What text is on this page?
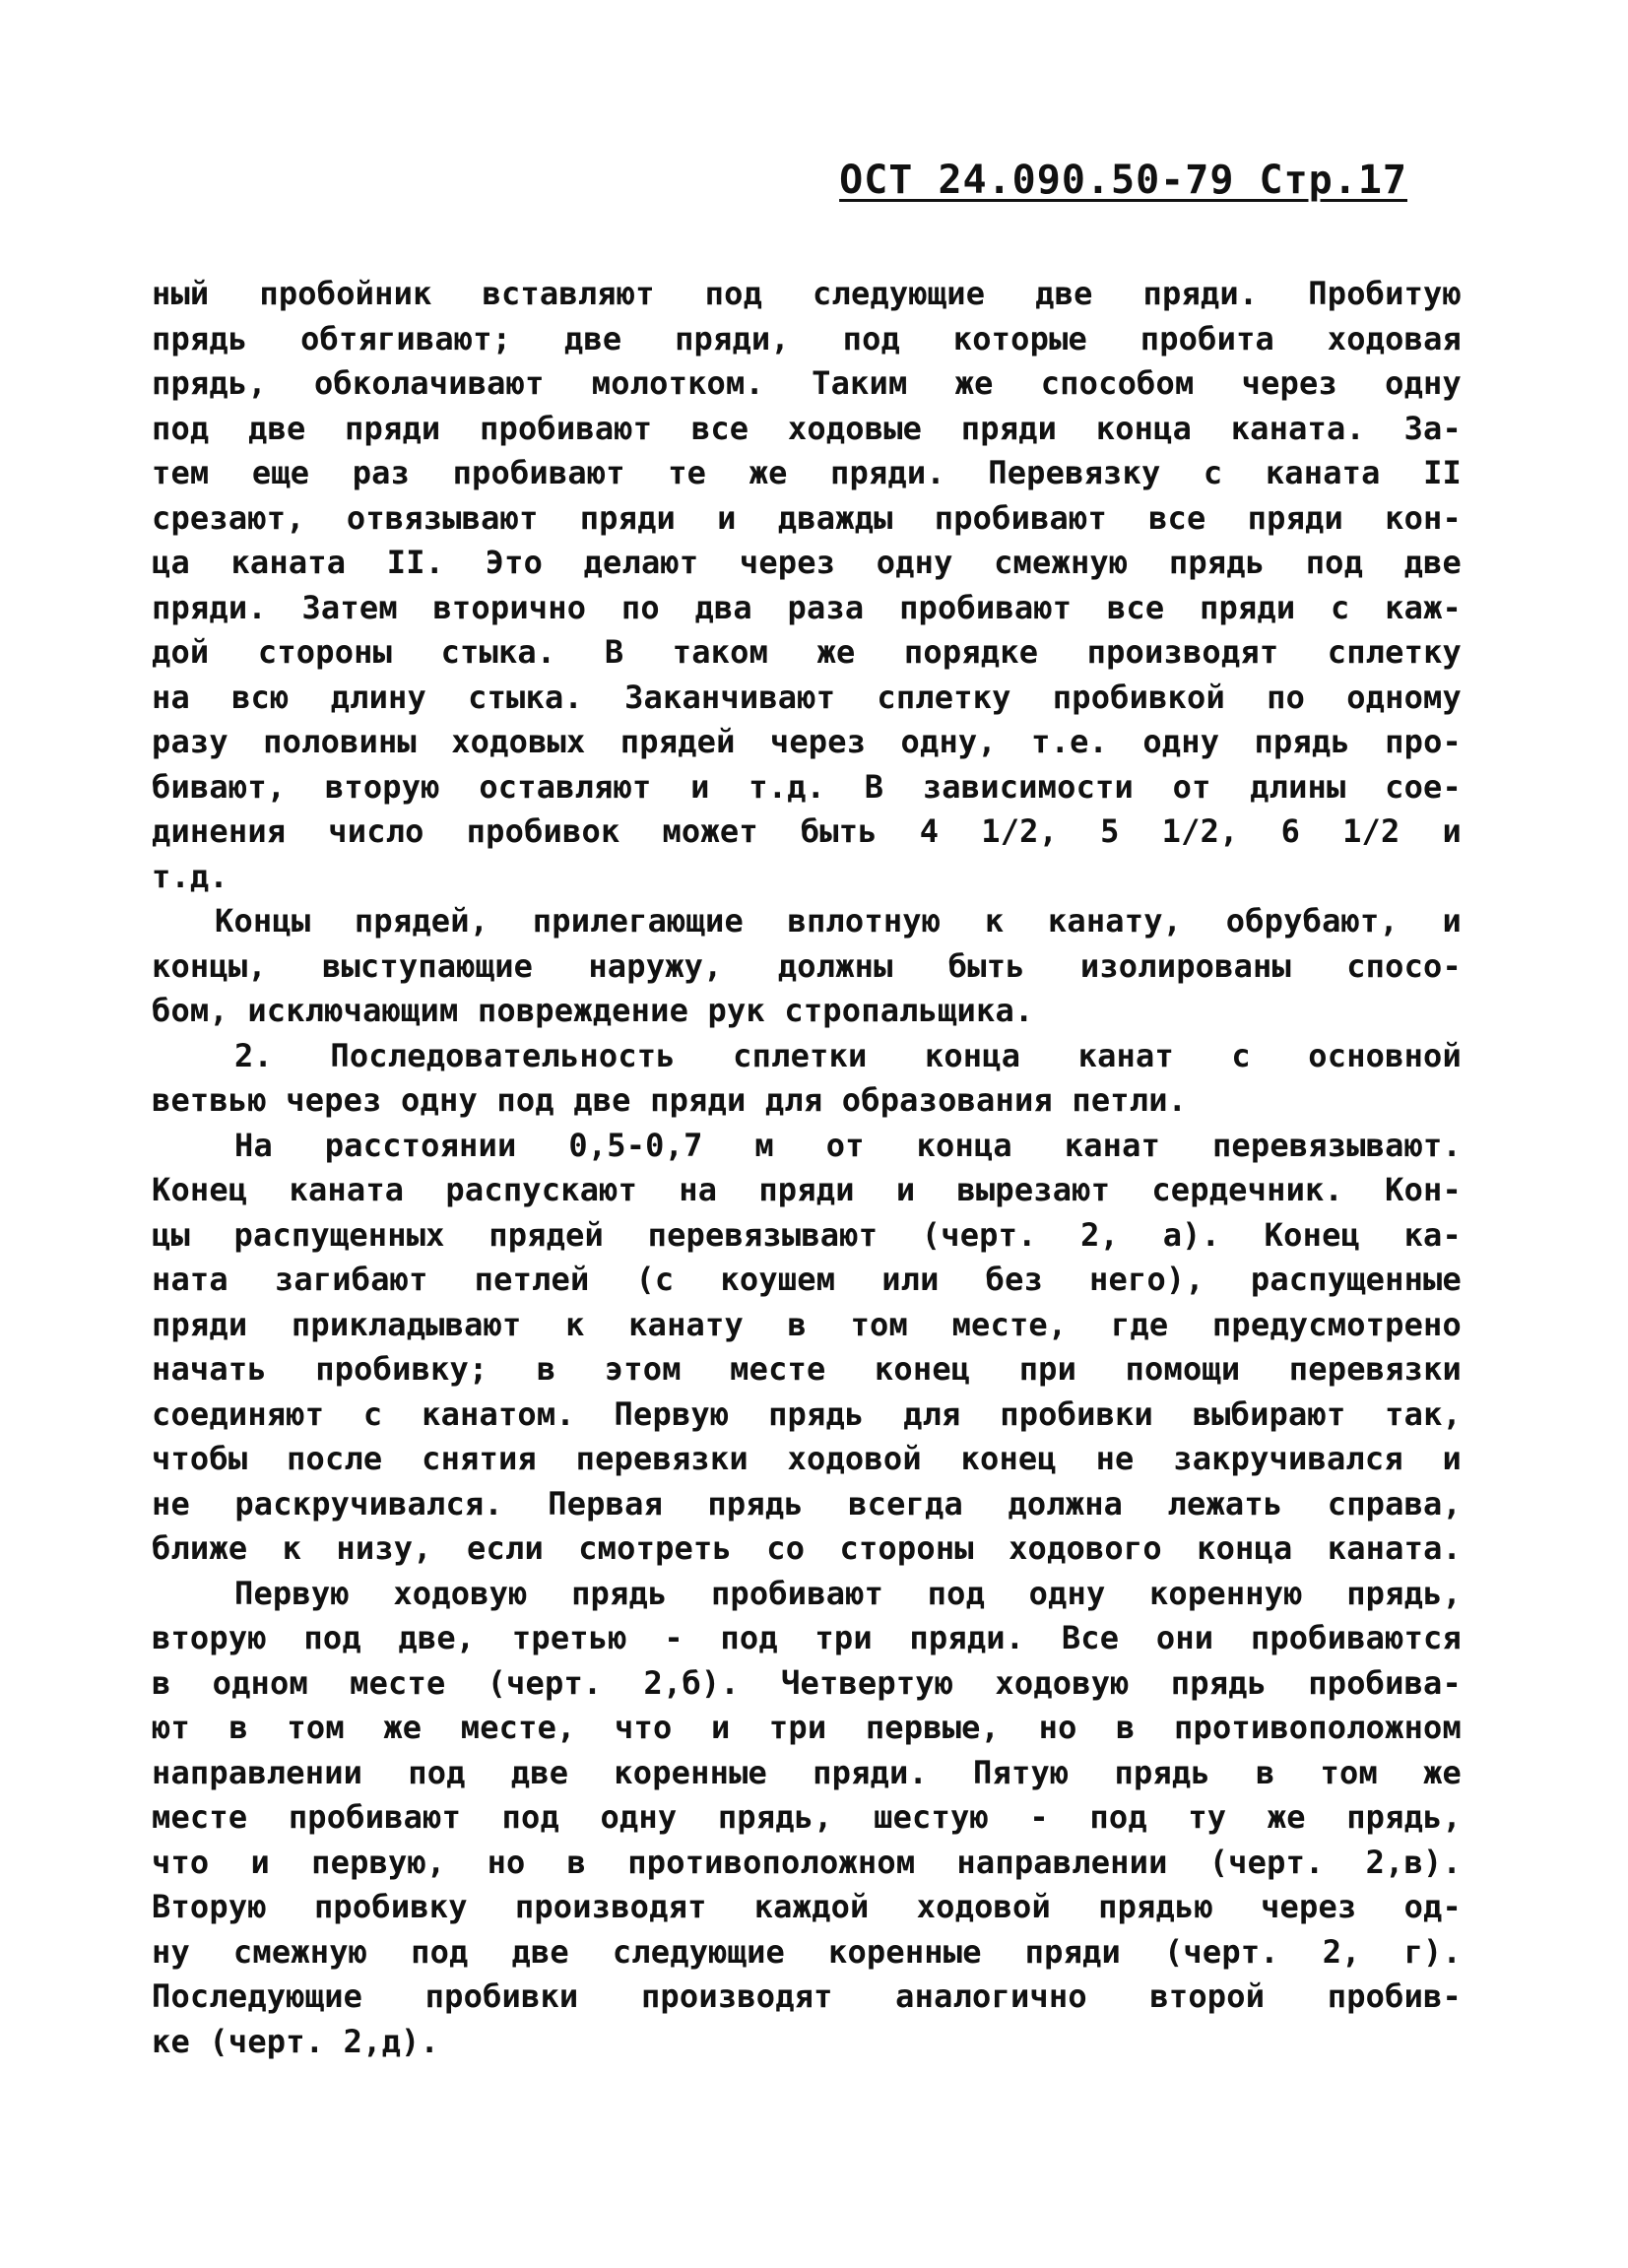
ОСТ 24.090.50-79 Стр.17
ный пробойник вставляют под следующие две пряди. Пробитую
прядь обтягивают; две пряди, под которые пробита ходовая
прядь, обколачивают молотком. Таким же способом через одну
под две пряди пробивают все ходовые пряди конца каната. За-
тем еще раз пробивают те же пряди. Перевязку с каната II
срезают, отвязывают пряди и дважды пробивают все пряди кон-
ца каната II. Это делают через одну смежную прядь под две
пряди. Затем вторично по два раза пробивают все пряди с каж-
дой стороны стыка. В таком же порядке производят сплетку
на всю длину стыка. Заканчивают сплетку пробивкой по одному
разу половины ходовых прядей через одну, т.е. одну прядь про-
бивают, вторую оставляют и т.д. В зависимости от длины сое-
динения число пробивок может быть 4 1/2, 5 1/2, 6 1/2 и
т.д.
Концы прядей, прилегающие вплотную к канату, обрубают, и
концы, выступающие наружу, должны быть изолированы спосо-
бом, исключающим повреждение рук стропальщика.
2. Последовательность сплетки конца канат с основной
ветвью через одну под две пряди для образования петли.
На расстоянии 0,5-0,7 м от конца канат перевязывают.
Конец каната распускают на пряди и вырезают сердечник. Кон-
цы распущенных прядей перевязывают (черт. 2, а). Конец ка-
ната загибают петлей (с коушем или без него), распущенные
пряди прикладывают к канату в том месте, где предусмотрено
начать пробивку; в этом месте конец при помощи перевязки
соединяют с канатом. Первую прядь для пробивки выбирают так,
чтобы после снятия перевязки ходовой конец не закручивался и
не раскручивался. Первая прядь всегда должна лежать справа,
ближе к низу, если смотреть со стороны ходового конца каната.
Первую ходовую прядь пробивают под одну коренную прядь,
вторую под две, третью - под три пряди. Все они пробиваются
в одном месте (черт. 2,б). Четвертую ходовую прядь пробива-
ют в том же месте, что и три первые, но в противоположном
направлении под две коренные пряди. Пятую прядь в том же
месте пробивают под одну прядь, шестую - под ту же прядь,
что и первую, но в противоположном направлении (черт. 2,в).
Вторую пробивку производят каждой ходовой прядью через од-
ну смежную под две следующие коренные пряди (черт. 2, г).
Последующие пробивки производят аналогично второй пробив-
ке (черт. 2,д).
